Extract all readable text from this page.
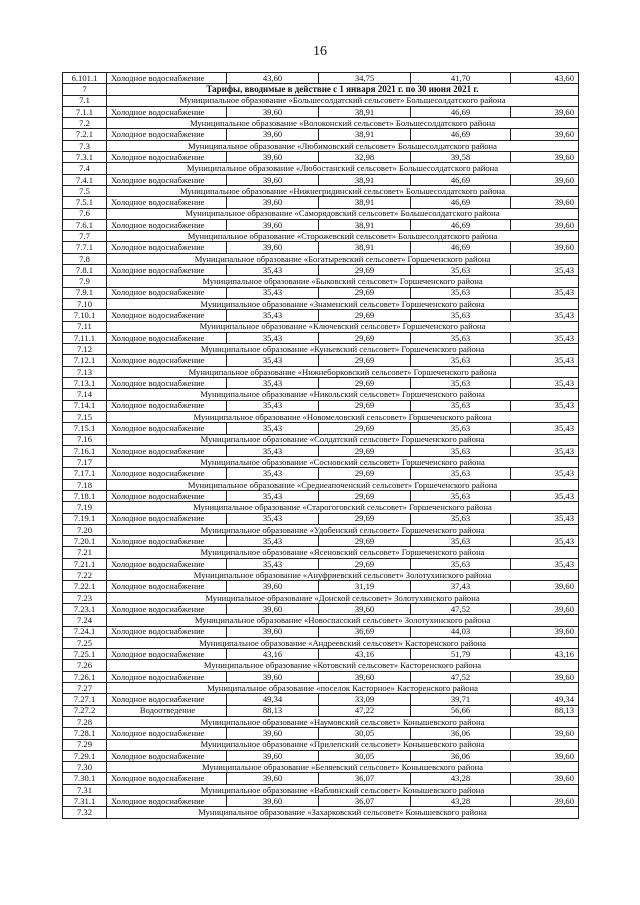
16
6.101.1	Холодное водоснабжение	43,60	34,75	41,70	43,60
7	Тарифы, вводимые в действие с 1 января 2021 г. по 30 июня 2021 г.				
7.1	Муниципальное образование «Большесолдатский сельсовет» Большесолдатского района				
7.1.1	Холодное водоснабжение	39,60	38,91	46,69	39,60
7.2	Муниципальное образование «Волоконский сельсовет» Большесолдатского района				
7.2.1	Холодное водоснабжение	39,60	38,91	46,69	39,60
7.3	Муниципальное образование «Любимовский сельсовет» Большесолдатского района				
7.3.1	Холодное водоснабжение	39,60	32,98	39,58	39,60
7.4	Муниципальное образование «Любостанский сельсовет» Большесолдатского района				
7.4.1	Холодное водоснабжение	39,60	38,91	46,69	39,60
7.5	Муниципальное образование «Нижнегридинский сельсовет» Большесолдатского района				
7.5.1	Холодное водоснабжение	39,60	38,91	46,69	39,60
7.6	Муниципальное образование «Саморядовский сельсовет» Большесолдатского района				
7.6.1	Холодное водоснабжение	39,60	38,91	46,69	39,60
7.7	Муниципальное образование «Сторожевский сельсовет» Большесолдатского района				
7.7.1	Холодное водоснабжение	39,60	38,91	46,69	39,60
7.8	Муниципальное образование «Богатыревский сельсовет» Горшеченского района				
7.8.1	Холодное водоснабжение	35,43	29,69	35,63	35,43
7.9	Муниципальное образование «Быковский сельсовет» Горшеченского района				
7.9.1	Холодное водоснабжение	35,43	29,69	35,63	35,43
7.10	Муниципальное образование «Знаменский сельсовет» Горшеченского района				
7.10.1	Холодное водоснабжение	35,43	29,69	35,63	35,43
7.11	Муниципальное образование «Ключевский сельсовет» Горшеченского района				
7.11.1	Холодное водоснабжение	35,43	29,69	35,63	35,43
7.12	Муниципальное образование «Куньевский сельсовет» Горшеченского района				
7.12.1	Холодное водоснабжение	35,43	29,69	35,63	35,43
7.13	Муниципальное образование «Нижнеборковский сельсовет» Горшеченского района				
7.13.1	Холодное водоснабжение	35,43	29,69	35,63	35,43
7.14	Муниципальное образование «Никольский сельсовет» Горшеченского района				
7.14.1	Холодное водоснабжение	35,43	29,69	35,63	35,43
7.15	Муниципальное образование «Новомеловский сельсовет» Горшеченского района				
7.15.1	Холодное водоснабжение	35,43	29,69	35,63	35,43
7.16	Муниципальное образование «Солдатский сельсовет» Горшеченского района				
7.16.1	Холодное водоснабжение	35,43	29,69	35,63	35,43
7.17	Муниципальное образование «Сосновский сельсовет» Горшеченского района				
7.17.1	Холодное водоснабжение	35,43	29,69	35,63	35,43
7.18	Муниципальное образование «Среднеапоченский сельсовет» Горшеченского района				
7.18.1	Холодное водоснабжение	35,43	29,69	35,63	35,43
7.19	Муниципальное образование «Старогоговский сельсовет» Горшеченского района				
7.19.1	Холодное водоснабжение	35,43	29,69	35,63	35,43
7.20	Муниципальное образование «Удобенский сельсовет» Горшеченского района				
7.20.1	Холодное водоснабжение	35,43	29,69	35,63	35,43
7.21	Муниципальное образование «Ясеновский сельсовет» Горшеченского района				
7.21.1	Холодное водоснабжение	35,43	29,69	35,63	35,43
7.22	Муниципальное образование «Ануфриевский сельсовет» Золотухинского района				
7.22.1	Холодное водоснабжение	39,60	31,19	37,43	39,60
7.23	Муниципальное образование «Донской сельсовет» Золотухинского района				
7.23.1	Холодное водоснабжение	39,60	39,60	47,52	39,60
7.24	Муниципальное образование «Новоспасский сельсовет» Золотухинского района				
7.24.1	Холодное водоснабжение	39,60	36,69	44,03	39,60
7.25	Муниципальное образование «Андреевский сельсовет» Касторенского района				
7.25.1	Холодное водоснабжение	43,16	43,16	51,79	43,16
7.26	Муниципальное образование «Котовский сельсовет» Касторенского района				
7.26.1	Холодное водоснабжение	39,60	39,60	47,52	39,60
7.27	Муниципальное образование «поселок Касторное» Касторенского района				
7.27.1	Холодное водоснабжение	49,34	33,09	39,71	49,34
7.27.2	Водоотведение	88,13	47,22	56,66	88,13
7.28	Муниципальное образование «Наумовский сельсовет» Конышевского района				
7.28.1	Холодное водоснабжение	39,60	30,05	36,06	39,60
7.29	Муниципальное образование «Прилепский сельсовет» Конышевского района				
7.29.1	Холодное водоснабжение	39,60	30,05	36,06	39,60
7.30	Муниципальное образование «Беляевский сельсовет» Конышевского района				
7.30.1	Холодное водоснабжение	39,60	36,07	43,28	39,60
7.31	Муниципальное образование «Ваблинский сельсовет» Конышевского района				
7.31.1	Холодное водоснабжение	39,60	36,07	43,28	39,60
7.32	Муниципальное образование «Захарковский сельсовет» Конышевского района				
